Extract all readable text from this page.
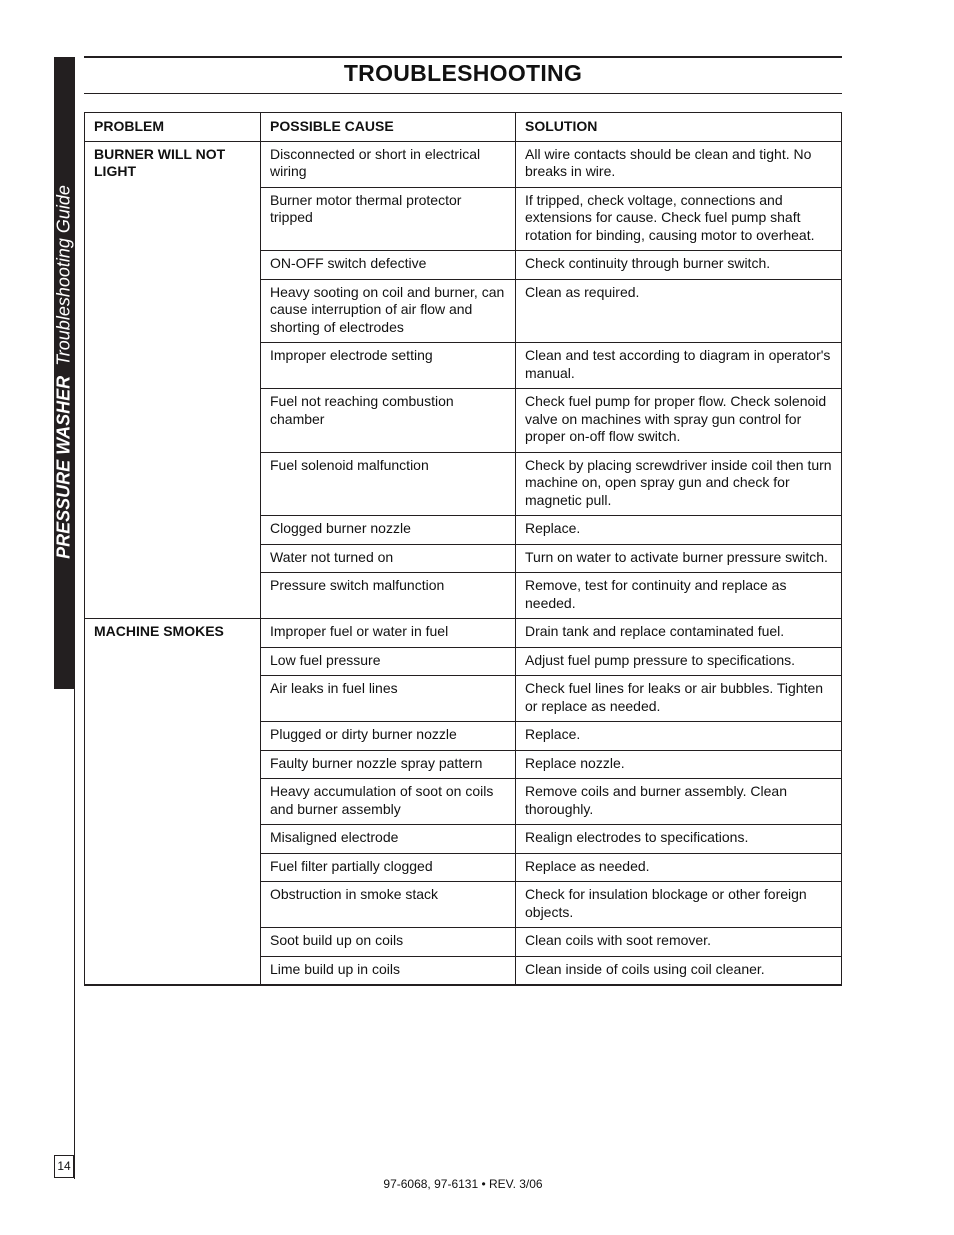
PRESSURE WASHER  Troubleshooting Guide
14
TROUBLESHOOTING
PROBLEM	POSSIBLE CAUSE	SOLUTION
BURNER WILL NOT LIGHT	Disconnected or short in electrical wiring	All wire contacts should be clean and tight. No breaks in wire.
	Burner motor thermal protector tripped	If tripped, check voltage, connections and extensions for cause. Check fuel pump shaft rotation for binding, causing motor to overheat.
	ON-OFF switch defective	Check continuity through burner switch.
	Heavy sooting on coil and burner, can cause interruption of air flow and shorting of electrodes	Clean as required.
	Improper electrode setting	Clean and test according to diagram in operator's manual.
	Fuel not reaching combustion chamber	Check fuel pump for proper flow. Check solenoid valve on machines with spray gun control for proper on-off flow switch.
	Fuel solenoid malfunction	Check by placing screwdriver inside coil then turn machine on, open spray gun and check for magnetic pull.
	Clogged burner nozzle	Replace.
	Water not turned on	Turn on water to activate burner pressure switch.
	Pressure switch malfunction	Remove, test for continuity and replace as needed.
MACHINE SMOKES	Improper fuel or water in fuel	Drain tank and replace contaminated fuel.
	Low fuel pressure	Adjust fuel pump pressure to specifications.
	Air leaks in fuel lines	Check fuel lines for leaks or air bubbles. Tighten or replace as needed.
	Plugged or dirty burner nozzle	Replace.
	Faulty burner nozzle spray pattern	Replace nozzle.
	Heavy accumulation of soot on coils and burner assembly	Remove coils and burner assembly. Clean thoroughly.
	Misaligned electrode	Realign electrodes to specifications.
	Fuel filter partially clogged	Replace as needed.
	Obstruction in smoke stack	Check for insulation blockage or other foreign objects.
	Soot build up on coils	Clean coils with soot remover.
	Lime build up in coils	Clean inside of coils using coil cleaner.
97-6068, 97-6131 • REV. 3/06
